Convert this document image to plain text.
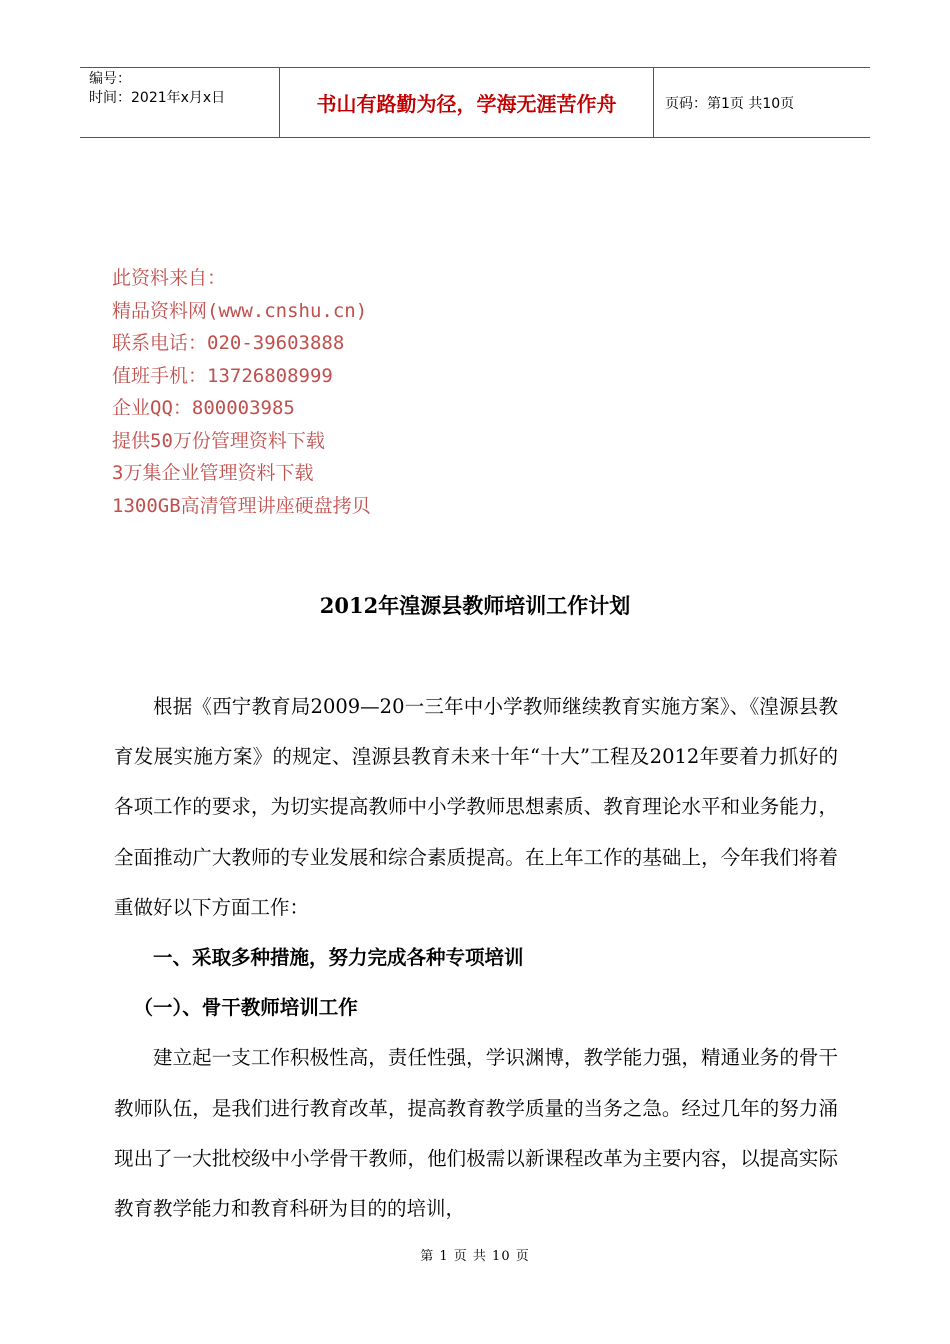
编号：
时间：2021年x月x日	书山有路勤为径，学海无涯苦作舟	页码：第1页 共10页
此资料来自：
精品资料网(www.cnshu.cn)
联系电话：020-39603888
值班手机：13726808999
企业QQ：800003985
提供50万份管理资料下载
3万集企业管理资料下载
1300GB高清管理讲座硬盘拷贝
2012年湟源县教师培训工作计划

根据《西宁教育局2009—20一三年中小学教师继续教育实施方案》、《湟源县教育发展实施方案》的规定、湟源县教育未来十年“十大”工程及2012年要着力抓好的各项工作的要求，为切实提高教师中小学教师思想素质、教育理论水平和业务能力，全面推动广大教师的专业发展和综合素质提高。在上年工作的基础上，今年我们将着重做好以下方面工作：

一、采取多种措施，努力完成各种专项培训
（一）、骨干教师培训工作

建立起一支工作积极性高，责任性强，学识渊博，教学能力强，精通业务的骨干教师队伍，是我们进行教育改革，提高教育教学质量的当务之急。经过几年的努力涌现出了一大批校级中小学骨干教师，他们极需以新课程改革为主要内容，以提高实际教育教学能力和教育科研为目的的培训，

第 1 页 共 10 页
